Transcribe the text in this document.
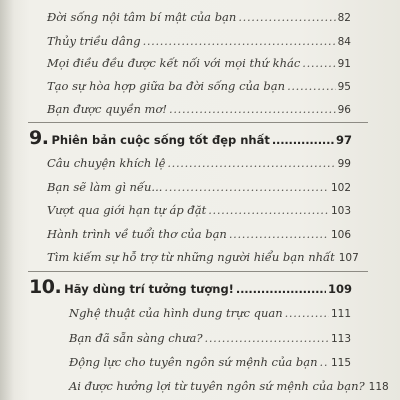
Đời sống nội tâm bí mật của bạn . . .	82
Thủy triều dâng . . .	84
Mọi điều đều được kết nối với mọi thứ khác . . .	91
Tạo sự hòa hợp giữa ba đời sống của bạn . . .	95
Bạn được quyền mơ! . . .	96
9. Phiên bản cuộc sống tốt đẹp nhất .....	97
Câu chuyện khích lệ . . .	99
Bạn sẽ làm gì nếu... . . .	102
Vượt qua giới hạn tự áp đặt . . .	103
Hành trình về tuổi thơ của bạn . . .	106
Tìm kiếm sự hỗ trợ từ những người hiểu bạn nhất 107
10. Hãy dùng trí tưởng tượng! .....	109
Nghệ thuật của hình dung trực quan . . .	111
Bạn đã sẵn sàng chưa? . . .	113
Động lực cho tuyên ngôn sứ mệnh của bạn . . . 115
Ai được hưởng lợi từ tuyên ngôn sứ mệnh của bạn? 118
